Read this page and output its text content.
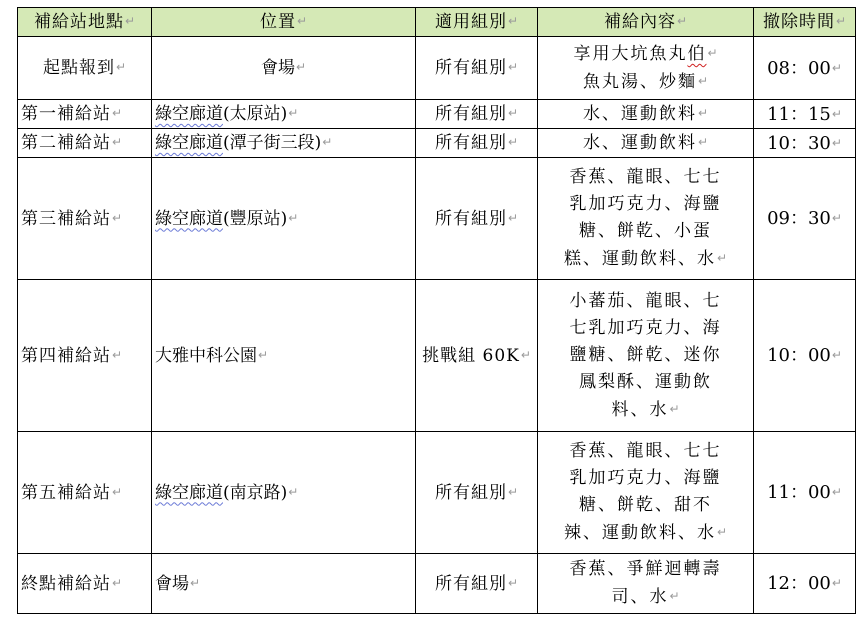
補給站地點↵	位置↵	適用組別↵	補給內容↵	撤除時間↵
起點報到↵	會場↵	所有組別↵	享用大坑魚丸伯↵
魚丸湯、炒麵↵	08：00↵
第一補給站↵	綠空廊道(太原站)↵	所有組別↵	水、運動飲料↵	11：15↵
第二補給站↵	綠空廊道(潭子街三段)↵	所有組別↵	水、運動飲料↵	10：30↵
第三補給站↵	綠空廊道(豐原站)↵	所有組別↵	香蕉、龍眼、七七
乳加巧克力、海鹽
糖、餅乾、小蛋
糕、運動飲料、水↵	09：30↵
第四補給站↵	大雅中科公園↵	挑戰組 60K↵	小蕃茄、龍眼、七
七乳加巧克力、海
鹽糖、餅乾、迷你
鳳梨酥、運動飲
料、水↵	10：00↵
第五補給站↵	綠空廊道(南京路)↵	所有組別↵	香蕉、龍眼、七七
乳加巧克力、海鹽
糖、餅乾、甜不
辣、運動飲料、水↵	11：00↵
終點補給站↵	會場↵	所有組別↵	香蕉、爭鮮迴轉壽
司、水↵	12：00↵
